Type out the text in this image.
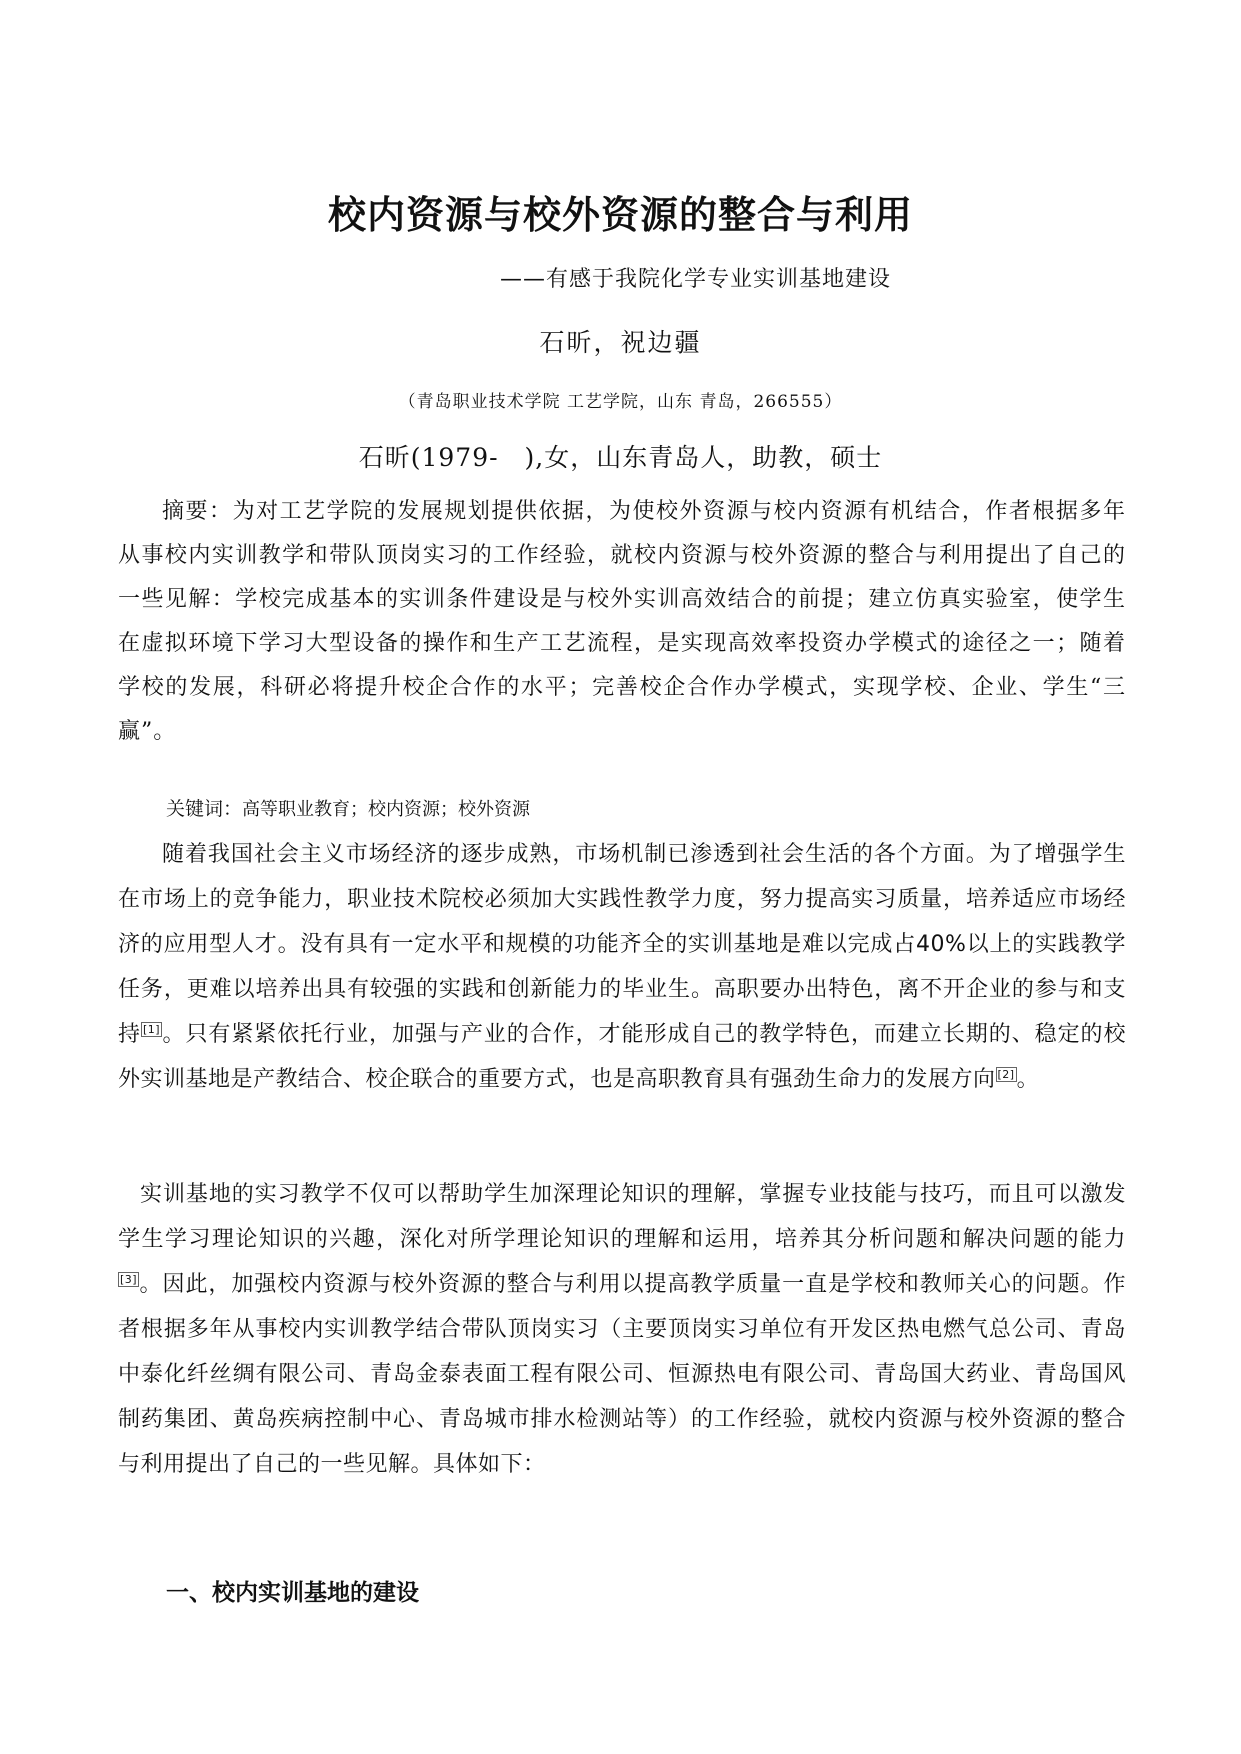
校内资源与校外资源的整合与利用
——有感于我院化学专业实训基地建设
石昕，祝边疆
（青岛职业技术学院 工艺学院，山东 青岛，266555）
石昕(1979-　),女，山东青岛人，助教，硕士
摘要：为对工艺学院的发展规划提供依据，为使校外资源与校内资源有机结合，作者根据多年从事校内实训教学和带队顶岗实习的工作经验，就校内资源与校外资源的整合与利用提出了自己的一些见解：学校完成基本的实训条件建设是与校外实训高效结合的前提；建立仿真实验室，使学生在虚拟环境下学习大型设备的操作和生产工艺流程，是实现高效率投资办学模式的途径之一；随着学校的发展，科研必将提升校企合作的水平；完善校企合作办学模式，实现学校、企业、学生“三赢”。
关键词：高等职业教育；校内资源；校外资源
随着我国社会主义市场经济的逐步成熟，市场机制已渗透到社会生活的各个方面。为了增强学生在市场上的竞争能力，职业技术院校必须加大实践性教学力度，努力提高实习质量，培养适应市场经济的应用型人才。没有具有一定水平和规模的功能齐全的实训基地是难以完成占40%以上的实践教学任务，更难以培养出具有较强的实践和创新能力的毕业生。高职要办出特色，离不开企业的参与和支持 [1]。只有紧紧依托行业，加强与产业的合作，才能形成自己的教学特色，而建立长期的、稳定的校外实训基地是产教结合、校企联合的重要方式，也是高职教育具有强劲生命力的发展方向 [2]。
实训基地的实习教学不仅可以帮助学生加深理论知识的理解，掌握专业技能与技巧，而且可以激发学生学习理论知识的兴趣，深化对所学理论知识的理解和运用，培养其分析问题和解决问题的能力[3]。因此，加强校内资源与校外资源的整合与利用以提高教学质量一直是学校和教师关心的问题。作者根据多年从事校内实训教学结合带队顶岗实习（主要顶岗实习单位有开发区热电燃气总公司、青岛中泰化纤丝绸有限公司、青岛金泰表面工程有限公司、恒源热电有限公司、青岛国大药业、青岛国风制药集团、黄岛疾病控制中心、青岛城市排水检测站等）的工作经验，就校内资源与校外资源的整合与利用提出了自己的一些见解。具体如下：
一、校内实训基地的建设
